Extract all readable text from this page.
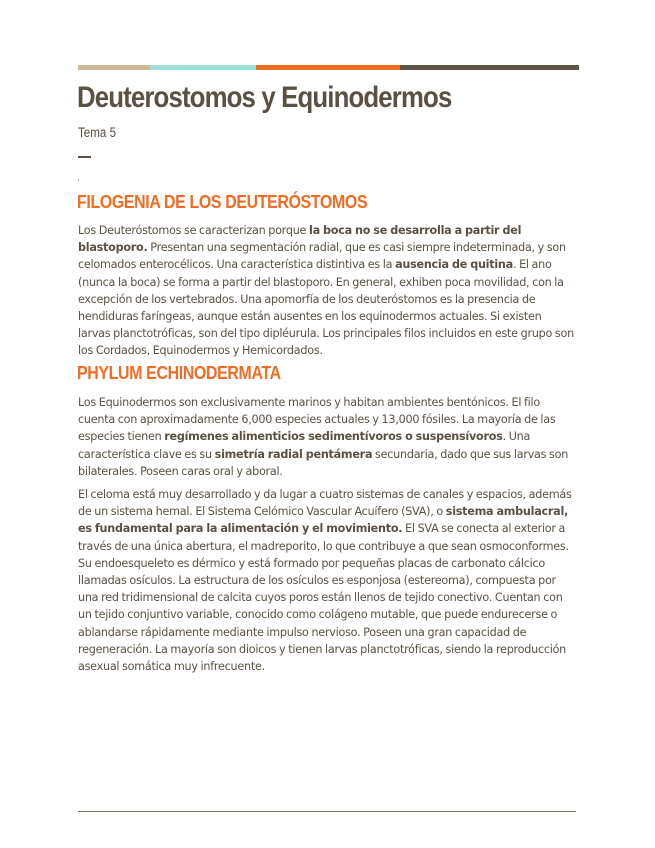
Deuterostomos y Equinodermos
Tema 5
.
FILOGENIA DE LOS DEUTERÓSTOMOS

Los Deuteróstomos se caracterizan porque la boca no se desarrolla a partir del blastoporo. Presentan una segmentación radial, que es casi siempre indeterminada, y son celomados enterocélicos. Una característica distintiva es la ausencia de quitina. El ano (nunca la boca) se forma a partir del blastoporo. En general, exhiben poca movilidad, con la excepción de los vertebrados. Una apomorfía de los deuteróstomos es la presencia de hendiduras faríngeas, aunque están ausentes en los equinodermos actuales. Si existen larvas planctotróficas, son del tipo dipléurula. Los principales filos incluidos en este grupo son los Cordados, Equinodermos y Hemicordados.

PHYLUM ECHINODERMATA

Los Equinodermos son exclusivamente marinos y habitan ambientes bentónicos. El filo cuenta con aproximadamente 6,000 especies actuales y 13,000 fósiles. La mayoría de las especies tienen regímenes alimenticios sedimentívoros o suspensívoros. Una característica clave es su simetría radial pentámera secundaria, dado que sus larvas son bilaterales. Poseen caras oral y aboral.

El celoma está muy desarrollado y da lugar a cuatro sistemas de canales y espacios, además de un sistema hemal. El Sistema Celómico Vascular Acuífero (SVA), o sistema ambulacral, es fundamental para la alimentación y el movimiento. El SVA se conecta al exterior a través de una única abertura, el madreporito, lo que contribuye a que sean osmoconformes. Su endoesqueleto es dérmico y está formado por pequeñas placas de carbonato cálcico llamadas osículos. La estructura de los osículos es esponjosa (estereoma), compuesta por una red tridimensional de calcita cuyos poros están llenos de tejido conectivo. Cuentan con un tejido conjuntivo variable, conocido como colágeno mutable, que puede endurecerse o ablandarse rápidamente mediante impulso nervioso. Poseen una gran capacidad de regeneración. La mayoría son dioicos y tienen larvas planctotróficas, siendo la reproducción asexual somática muy infrecuente.
